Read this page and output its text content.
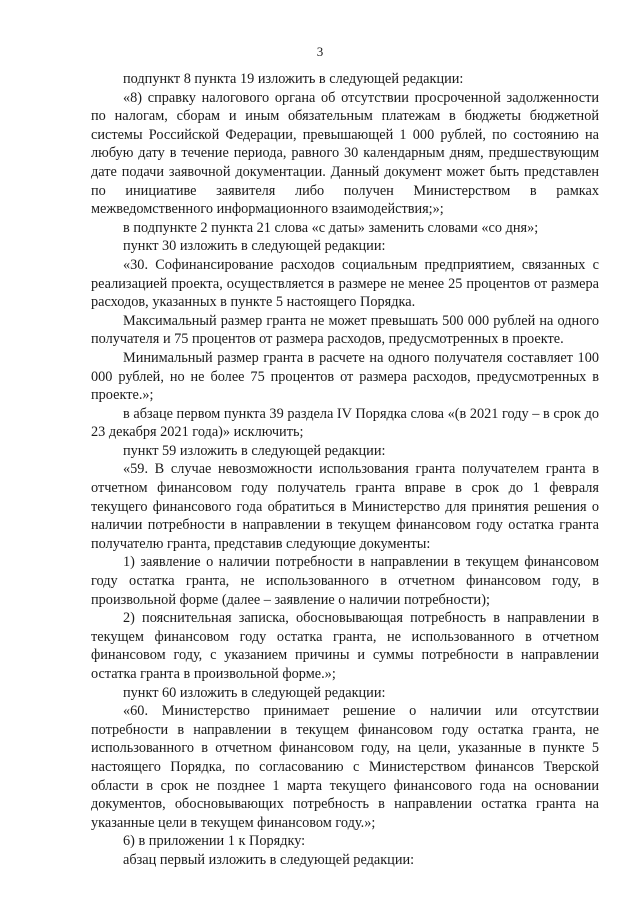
3

подпункт 8 пункта 19 изложить в следующей редакции:

«8) справку налогового органа об отсутствии просроченной задолженности по налогам, сборам и иным обязательным платежам в бюджеты бюджетной системы Российской Федерации, превышающей 1 000 рублей, по состоянию на любую дату в течение периода, равного 30 календарным дням, предшествующим дате подачи заявочной документации. Данный документ может быть представлен по инициативе заявителя либо получен Министерством в рамках межведомственного информационного взаимодействия;»;

в подпункте 2 пункта 21 слова «с даты» заменить словами «со дня»;

пункт 30 изложить в следующей редакции:

«30. Софинансирование расходов социальным предприятием, связанных с реализацией проекта, осуществляется в размере не менее 25 процентов от размера расходов, указанных в пункте 5 настоящего Порядка.

Максимальный размер гранта не может превышать 500 000 рублей на одного получателя и 75 процентов от размера расходов, предусмотренных в проекте.

Минимальный размер гранта в расчете на одного получателя составляет 100 000 рублей, но не более 75 процентов от размера расходов, предусмотренных в проекте.»;

в абзаце первом пункта 39 раздела IV Порядка слова «(в 2021 году – в срок до 23 декабря 2021 года)» исключить;

пункт 59 изложить в следующей редакции:

«59. В случае невозможности использования гранта получателем гранта в отчетном финансовом году получатель гранта вправе в срок до 1 февраля текущего финансового года обратиться в Министерство для принятия решения о наличии потребности в направлении в текущем финансовом году остатка гранта получателю гранта, представив следующие документы:

1) заявление о наличии потребности в направлении в текущем финансовом году остатка гранта, не использованного в отчетном финансовом году, в произвольной форме (далее – заявление о наличии потребности);

2) пояснительная записка, обосновывающая потребность в направлении в текущем финансовом году остатка гранта, не использованного в отчетном финансовом году, с указанием причины и суммы потребности в направлении остатка гранта в произвольной форме.»;

пункт 60 изложить в следующей редакции:

«60. Министерство принимает решение о наличии или отсутствии потребности в направлении в текущем финансовом году остатка гранта, не использованного в отчетном финансовом году, на цели, указанные в пункте 5 настоящего Порядка, по согласованию с Министерством финансов Тверской области в срок не позднее 1 марта текущего финансового года на основании документов, обосновывающих потребность в направлении остатка гранта на указанные цели в текущем финансовом году.»;

6) в приложении 1 к Порядку:

абзац первый изложить в следующей редакции:
